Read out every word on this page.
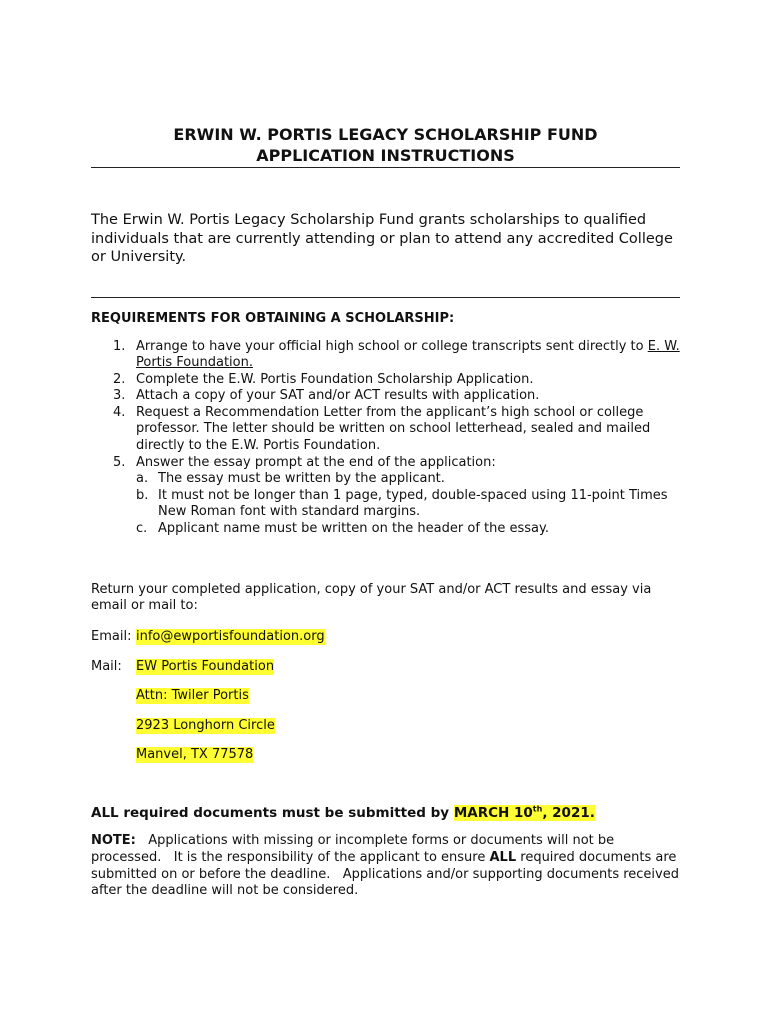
ERWIN W. PORTIS LEGACY SCHOLARSHIP FUND
APPLICATION INSTRUCTIONS

The Erwin W. Portis Legacy Scholarship Fund grants scholarships to qualified individuals that are currently attending or plan to attend any accredited College or University.

REQUIREMENTS FOR OBTAINING A SCHOLARSHIP:

1. Arrange to have your official high school or college transcripts sent directly to E. W. Portis Foundation.
2. Complete the E.W. Portis Foundation Scholarship Application.
3. Attach a copy of your SAT and/or ACT results with application.
4. Request a Recommendation Letter from the applicant’s high school or college professor. The letter should be written on school letterhead, sealed and mailed directly to the E.W. Portis Foundation.
5. Answer the essay prompt at the end of the application:
a. The essay must be written by the applicant.
b. It must not be longer than 1 page, typed, double-spaced using 11-point Times New Roman font with standard margins.
c. Applicant name must be written on the header of the essay.

Return your completed application, copy of your SAT and/or ACT results and essay via email or mail to:

Email: info@ewportisfoundation.org
Mail: EW Portis Foundation
Attn: Twiler Portis
2923 Longhorn Circle
Manvel, TX 77578

ALL required documents must be submitted by MARCH 10th, 2021.

NOTE:   Applications with missing or incomplete forms or documents will not be processed.   It is the responsibility of the applicant to ensure ALL required documents are submitted on or before the deadline.   Applications and/or supporting documents received after the deadline will not be considered.
